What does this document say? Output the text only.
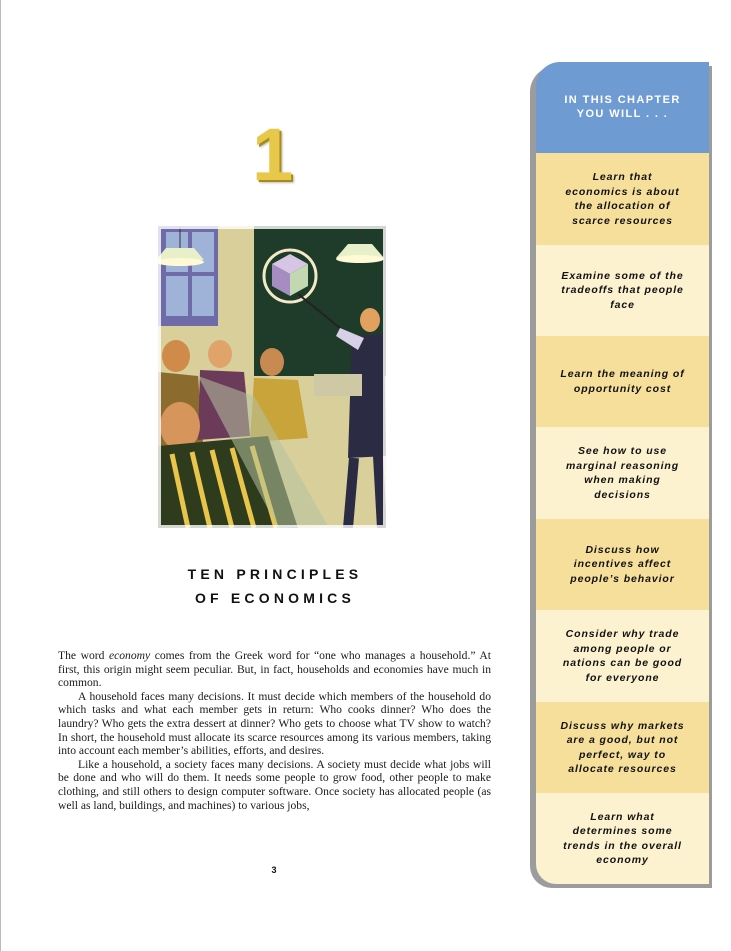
1
TEN PRINCIPLES
OF ECONOMICS

The word economy comes from the Greek word for “one who manages a household.” At first, this origin might seem peculiar. But, in fact, households and economies have much in common.

A household faces many decisions. It must decide which members of the household do which tasks and what each member gets in return: Who cooks dinner? Who does the laundry? Who gets the extra dessert at dinner? Who gets to choose what TV show to watch? In short, the household must allocate its scarce resources among its various members, taking into account each member’s abilities, efforts, and desires.

Like a household, a society faces many decisions. A society must decide what jobs will be done and who will do them. It needs some people to grow food, other people to make clothing, and still others to design computer software. Once society has allocated people (as well as land, buildings, and machines) to various jobs,

3
IN THIS CHAPTER
YOU WILL . . .
Learn that
economics is about
the allocation of
scarce resources
Examine some of the
tradeoffs that people
face
Learn the meaning of
opportunity cost
See how to use
marginal reasoning
when making
decisions
Discuss how
incentives affect
people’s behavior
Consider why trade
among people or
nations can be good
for everyone
Discuss why markets
are a good, but not
perfect, way to
allocate resources
Learn what
determines some
trends in the overall
economy
